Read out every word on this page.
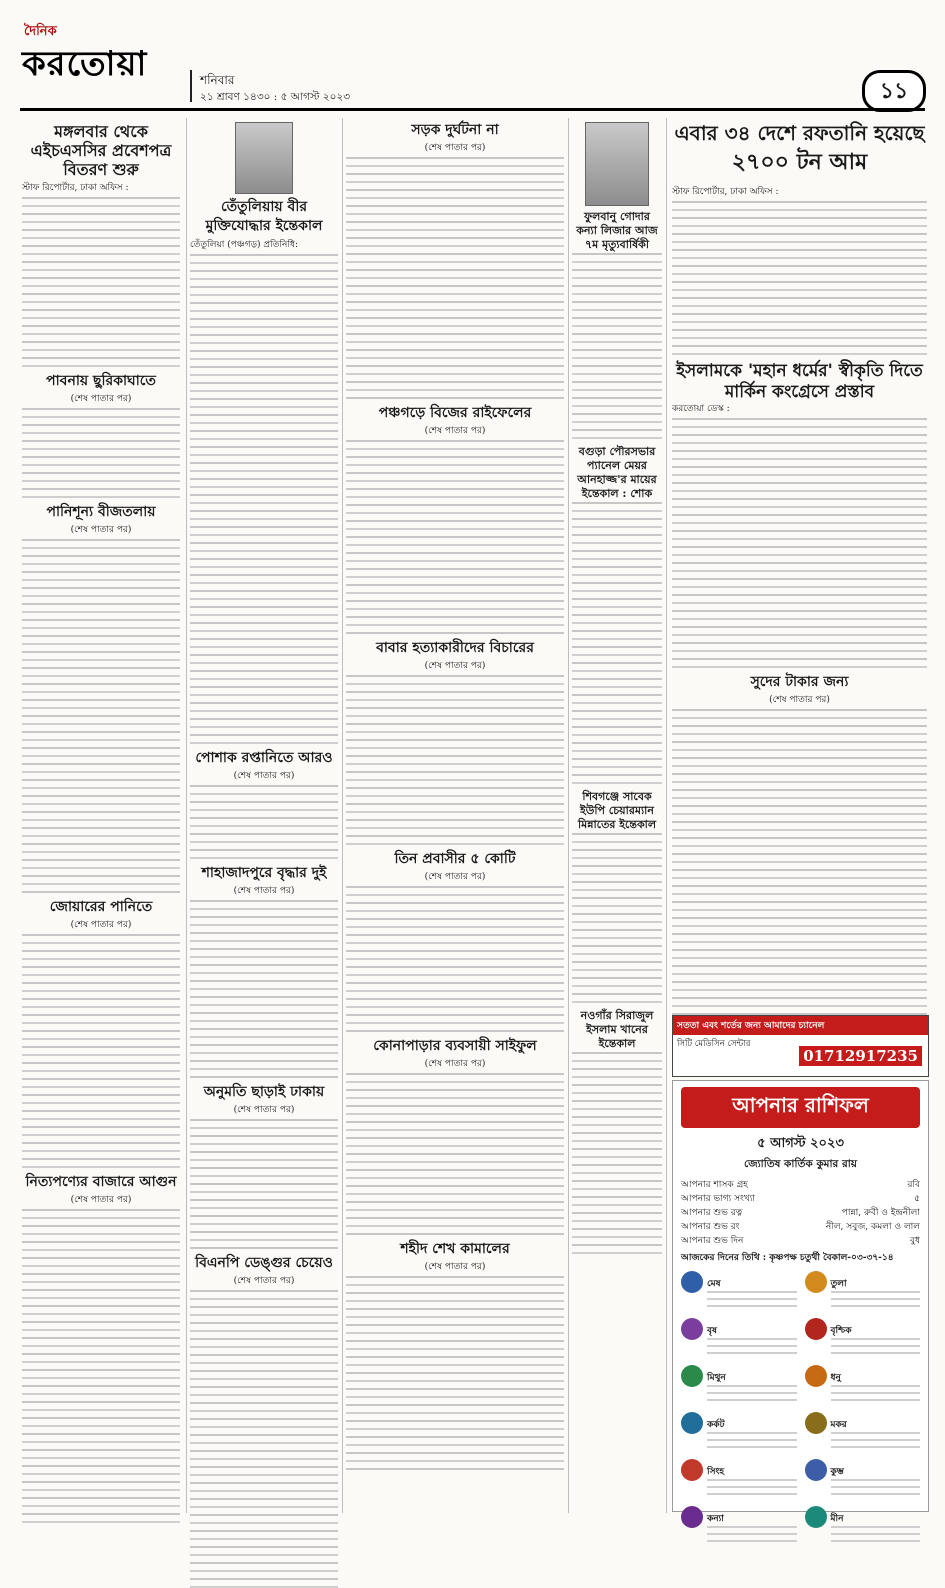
দৈনিক
করতোয়া	শনিবার
২১ শ্রাবণ ১৪৩০ : ৫ আগস্ট ২০২৩	১১
মঙ্গলবার থেকে এইচএসসির প্রবেশপত্র বিতরণ শুরু

স্টাফ রিপোর্টার, ঢাকা অফিস :

পাবনায় ছুরিকাঘাতে
(শেষ পাতার পর)
পানিশূন্য বীজতলায়
(শেষ পাতার পর)
জোয়ারের পানিতে
(শেষ পাতার পর)
নিত্যপণ্যের বাজারে আগুন
(শেষ পাতার পর)
তেঁতুলিয়ায় বীর মুক্তিযোদ্ধার ইন্তেকাল

তেঁতুলিয়া (পঞ্চগড়) প্রতিনিধি:

পোশাক রপ্তানিতে আরও
(শেষ পাতার পর)
শাহাজাদপুরে বৃদ্ধার দুই
(শেষ পাতার পর)
অনুমতি ছাড়াই ঢাকায়
(শেষ পাতার পর)
বিএনপি ডেঙ্গুর চেয়েও
(শেষ পাতার পর)
সড়ক দুর্ঘটনা না
(শেষ পাতার পর)
পঞ্চগড়ে বিজের রাইফেলের
(শেষ পাতার পর)
বাবার হত্যাকারীদের বিচারের
(শেষ পাতার পর)
তিন প্রবাসীর ৫ কোটি
(শেষ পাতার পর)
কোনাপাড়ার ব্যবসায়ী সাইফুল
(শেষ পাতার পর)
শহীদ শেখ কামালের
(শেষ পাতার পর)
ফুলবানু গোদার কন্যা লিজার আজ ৭ম মৃত্যুবার্ষিকী
বগুড়া পৌরসভার প্যানেল মেয়র আনহাজ্জ'র মায়ের ইন্তেকাল : শোক
শিবগঞ্জে সাবেক ইউপি চেয়ারম্যান মিন্নাতের ইন্তেকাল
নওগাঁর সিরাজুল ইসলাম খানের ইন্তেকাল
এবার ৩৪ দেশে রফতানি হয়েছে
২৭০০ টন আম

স্টাফ রিপোর্টার, ঢাকা অফিস :

ইসলামকে 'মহান ধর্মের' স্বীকৃতি দিতে মার্কিন কংগ্রেসে প্রস্তাব

করতোয়া ডেস্ক :

সুদের টাকার জন্য
(শেষ পাতার পর)
সততা এবং শর্তের জন্য আমাদের চ্যানেল
সিটি মেডিসিন সেন্টার
01712917235
আপনার রাশিফল
৫ আগস্ট ২০২৩
জ্যোতিষ কার্তিক কুমার রায়
আপনার শাসক গ্রহ	রবি
আপনার ভাগ্য সংখ্যা	৫
আপনার শুভ রত্ন	পান্না, রুবী ও ইন্দ্রনীলা
আপনার শুভ রং	নীল, সবুজ, কমলা ও লাল
আপনার শুভ দিন	বুধ
আজকের দিনের তিথি : কৃষ্ণপক্ষ চতুর্থী বৈকাল-০৩-৩৭-১৪
মেষ	তুলা
বৃষ	বৃশ্চিক
মিথুন	ধনু
কর্কট	মকর
সিংহ	কুম্ভ
কন্যা	মীন
